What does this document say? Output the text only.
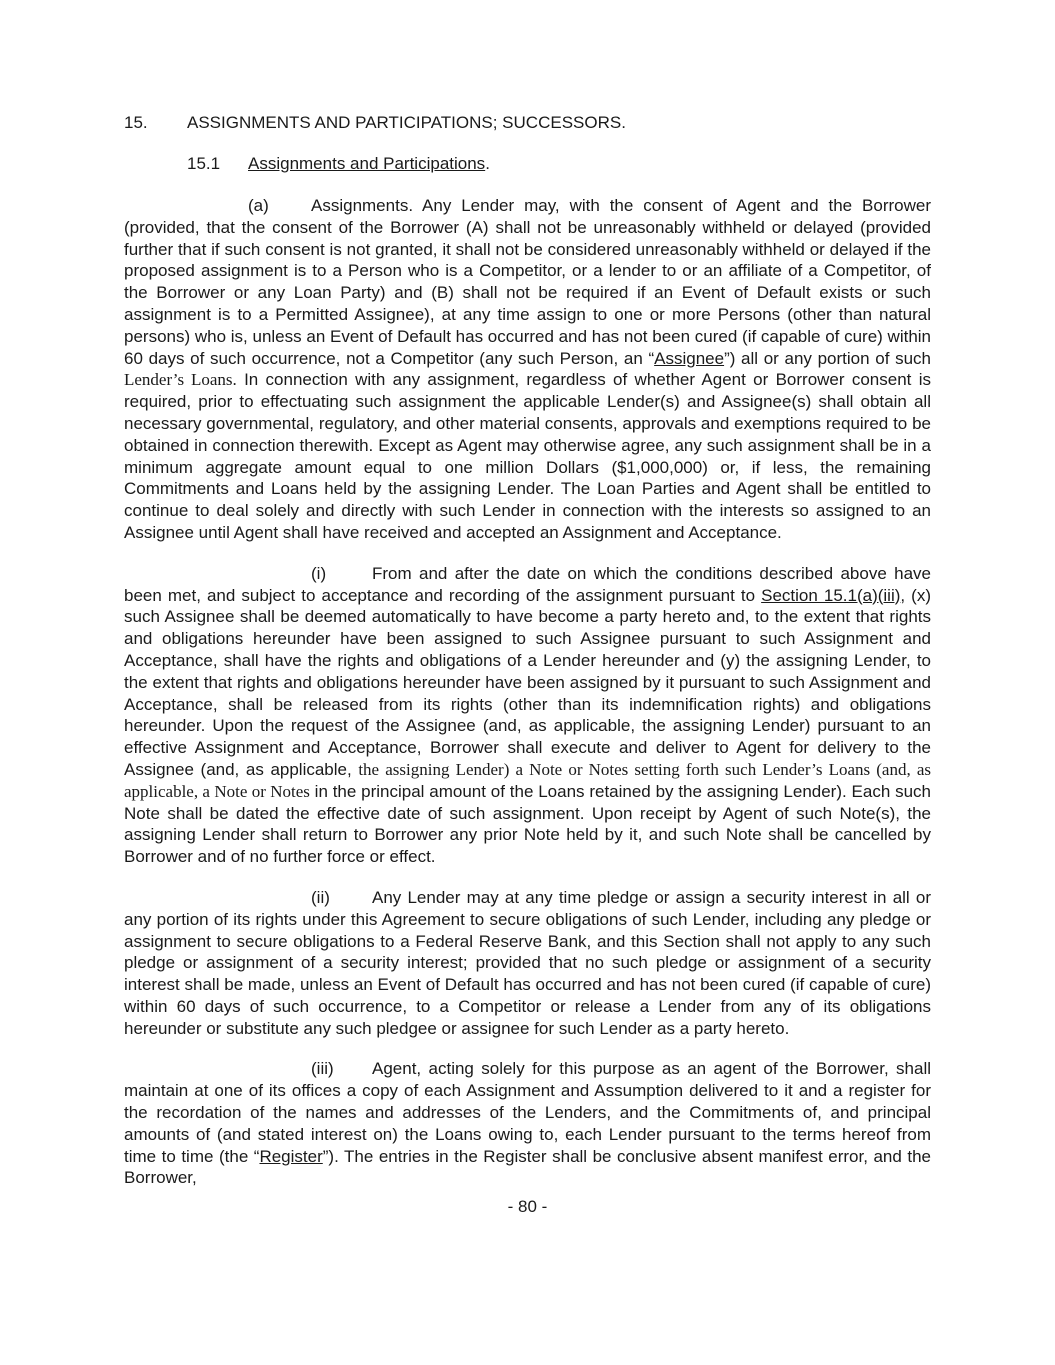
15.	ASSIGNMENTS AND PARTICIPATIONS; SUCCESSORS.
15.1	Assignments and Participations.

(a) Assignments. Any Lender may, with the consent of Agent and the Borrower (provided, that the consent of the Borrower (A) shall not be unreasonably withheld or delayed (provided further that if such consent is not granted, it shall not be considered unreasonably withheld or delayed if the proposed assignment is to a Person who is a Competitor, or a lender to or an affiliate of a Competitor, of the Borrower or any Loan Party) and (B) shall not be required if an Event of Default exists or such assignment is to a Permitted Assignee), at any time assign to one or more Persons (other than natural persons) who is, unless an Event of Default has occurred and has not been cured (if capable of cure) within 60 days of such occurrence, not a Competitor (any such Person, an “Assignee”) all or any portion of such Lender’s Loans. In connection with any assignment, regardless of whether Agent or Borrower consent is required, prior to effectuating such assignment the applicable Lender(s) and Assignee(s) shall obtain all necessary governmental, regulatory, and other material consents, approvals and exemptions required to be obtained in connection therewith. Except as Agent may otherwise agree, any such assignment shall be in a minimum aggregate amount equal to one million Dollars ($1,000,000) or, if less, the remaining Commitments and Loans held by the assigning Lender. The Loan Parties and Agent shall be entitled to continue to deal solely and directly with such Lender in connection with the interests so assigned to an Assignee until Agent shall have received and accepted an Assignment and Acceptance.

(i)	From and after the date on which the conditions described above have been met, and subject to acceptance and recording of the assignment pursuant to Section 15.1(a)(iii), (x) such Assignee shall be deemed automatically to have become a party hereto and, to the extent that rights and obligations hereunder have been assigned to such Assignee pursuant to such Assignment and Acceptance, shall have the rights and obligations of a Lender hereunder and (y) the assigning Lender, to the extent that rights and obligations hereunder have been assigned by it pursuant to such Assignment and Acceptance, shall be released from its rights (other than its indemnification rights) and obligations hereunder. Upon the request of the Assignee (and, as applicable, the assigning Lender) pursuant to an effective Assignment and Acceptance, Borrower shall execute and deliver to Agent for delivery to the Assignee (and, as applicable, the assigning Lender) a Note or Notes setting forth such Lender’s Loans (and, as applicable, a Note or Notes in the principal amount of the Loans retained by the assigning Lender). Each such Note shall be dated the effective date of such assignment. Upon receipt by Agent of such Note(s), the assigning Lender shall return to Borrower any prior Note held by it, and such Note shall be cancelled by Borrower and of no further force or effect.

(ii) Any Lender may at any time pledge or assign a security interest in all or any portion of its rights under this Agreement to secure obligations of such Lender, including any pledge or assignment to secure obligations to a Federal Reserve Bank, and this Section shall not apply to any such pledge or assignment of a security interest; provided that no such pledge or assignment of a security interest shall be made, unless an Event of Default has occurred and has not been cured (if capable of cure) within 60 days of such occurrence, to a Competitor or release a Lender from any of its obligations hereunder or substitute any such pledgee or assignee for such Lender as a party hereto.

(iii) Agent, acting solely for this purpose as an agent of the Borrower, shall maintain at one of its offices a copy of each Assignment and Assumption delivered to it and a register for the recordation of the names and addresses of the Lenders, and the Commitments of, and principal amounts of (and stated interest on) the Loans owing to, each Lender pursuant to the terms hereof from time to time (the “Register”). The entries in the Register shall be conclusive absent manifest error, and the Borrower,

- 80 -
